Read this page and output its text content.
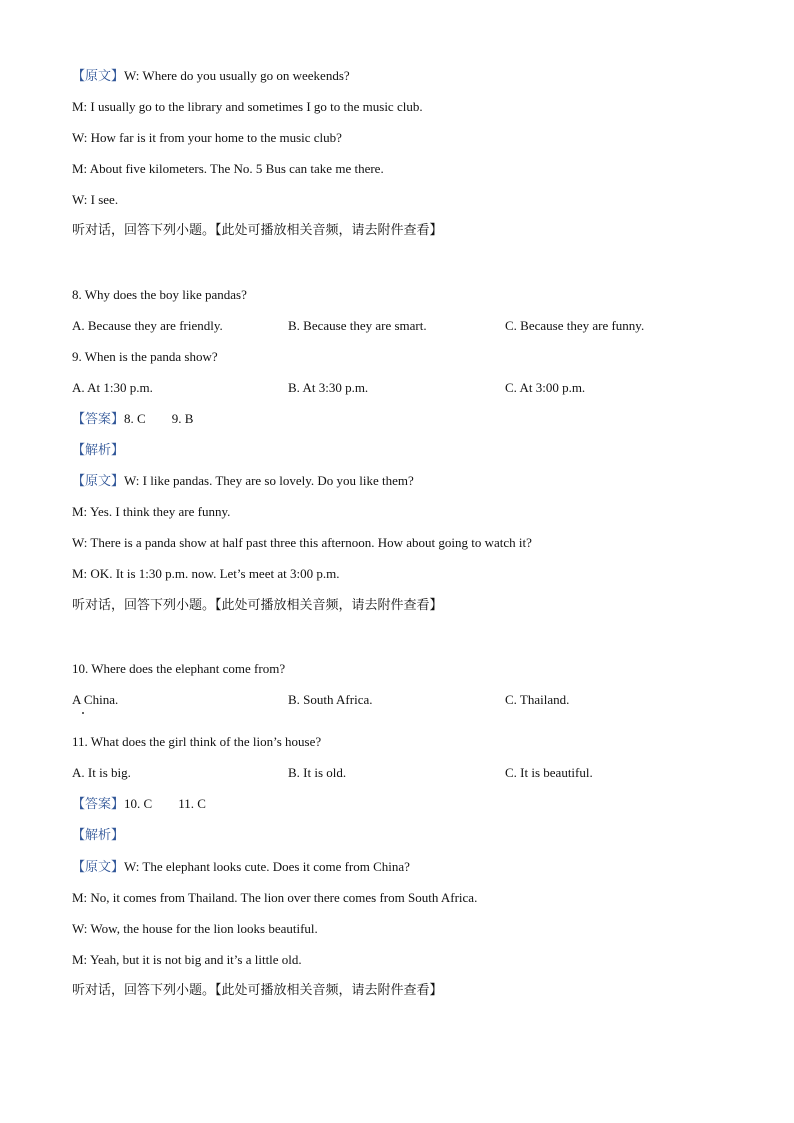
【原文】W: Where do you usually go on weekends?
M: I usually go to the library and sometimes I go to the music club.
W: How far is it from your home to the music club?
M: About five kilometers. The No. 5 Bus can take me there.
W: I see.
听对话，回答下列小题。【此处可播放相关音频，请去附件查看】
8. Why does the boy like pandas?
A. Because they are friendly.	B. Because they are smart.	C. Because they are funny.
9. When is the panda show?
A. At 1:30 p.m.	B. At 3:30 p.m.	C. At 3:00 p.m.
【答案】8. C 9. B
【解析】
【原文】W: I like pandas. They are so lovely. Do you like them?
M: Yes. I think they are funny.
W: There is a panda show at half past three this afternoon. How about going to watch it?
M: OK. It is 1:30 p.m. now. Let’s meet at 3:00 p.m.
听对话，回答下列小题。【此处可播放相关音频，请去附件查看】
10. Where does the elephant come from?
A China.	B. South Africa.	C. Thailand.
11. What does the girl think of the lion’s house?
A. It is big.	B. It is old.	C. It is beautiful.
【答案】10. C 11. C
【解析】
【原文】W: The elephant looks cute. Does it come from China?
M: No, it comes from Thailand. The lion over there comes from South Africa.
W: Wow, the house for the lion looks beautiful.
M: Yeah, but it is not big and it’s a little old.
听对话，回答下列小题。【此处可播放相关音频，请去附件查看】
